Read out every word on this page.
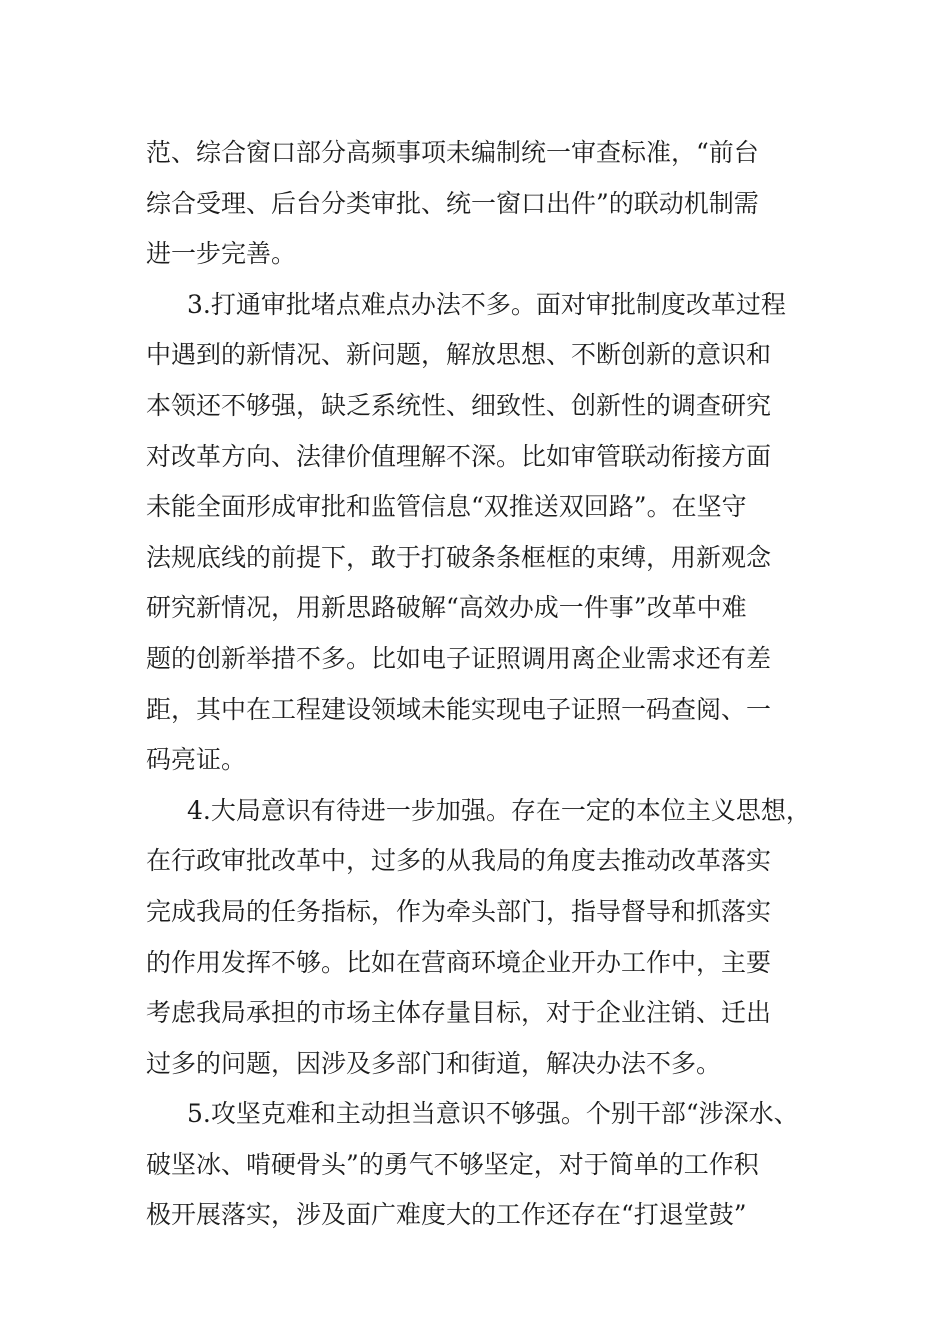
范、综合窗口部分高频事项未编制统一审查标准，“前台
综合受理、后台分类审批、统一窗口出件”的联动机制需
进一步完善。
3.打通审批堵点难点办法不多。面对审批制度改革过程
中遇到的新情况、新问题，解放思想、不断创新的意识和
本领还不够强，缺乏系统性、细致性、创新性的调查研究
对改革方向、法律价值理解不深。比如审管联动衔接方面
未能全面形成审批和监管信息“双推送双回路”。在坚守
法规底线的前提下，敢于打破条条框框的束缚，用新观念
研究新情况，用新思路破解“高效办成一件事”改革中难
题的创新举措不多。比如电子证照调用离企业需求还有差
距，其中在工程建设领域未能实现电子证照一码查阅、一
码亮证。
4.大局意识有待进一步加强。存在一定的本位主义思想，
在行政审批改革中，过多的从我局的角度去推动改革落实
完成我局的任务指标，作为牵头部门，指导督导和抓落实
的作用发挥不够。比如在营商环境企业开办工作中，主要
考虑我局承担的市场主体存量目标，对于企业注销、迁出
过多的问题，因涉及多部门和街道，解决办法不多。
5.攻坚克难和主动担当意识不够强。个别干部“涉深水、
破坚冰、啃硬骨头”的勇气不够坚定，对于简单的工作积
极开展落实，涉及面广难度大的工作还存在“打退堂鼓”
